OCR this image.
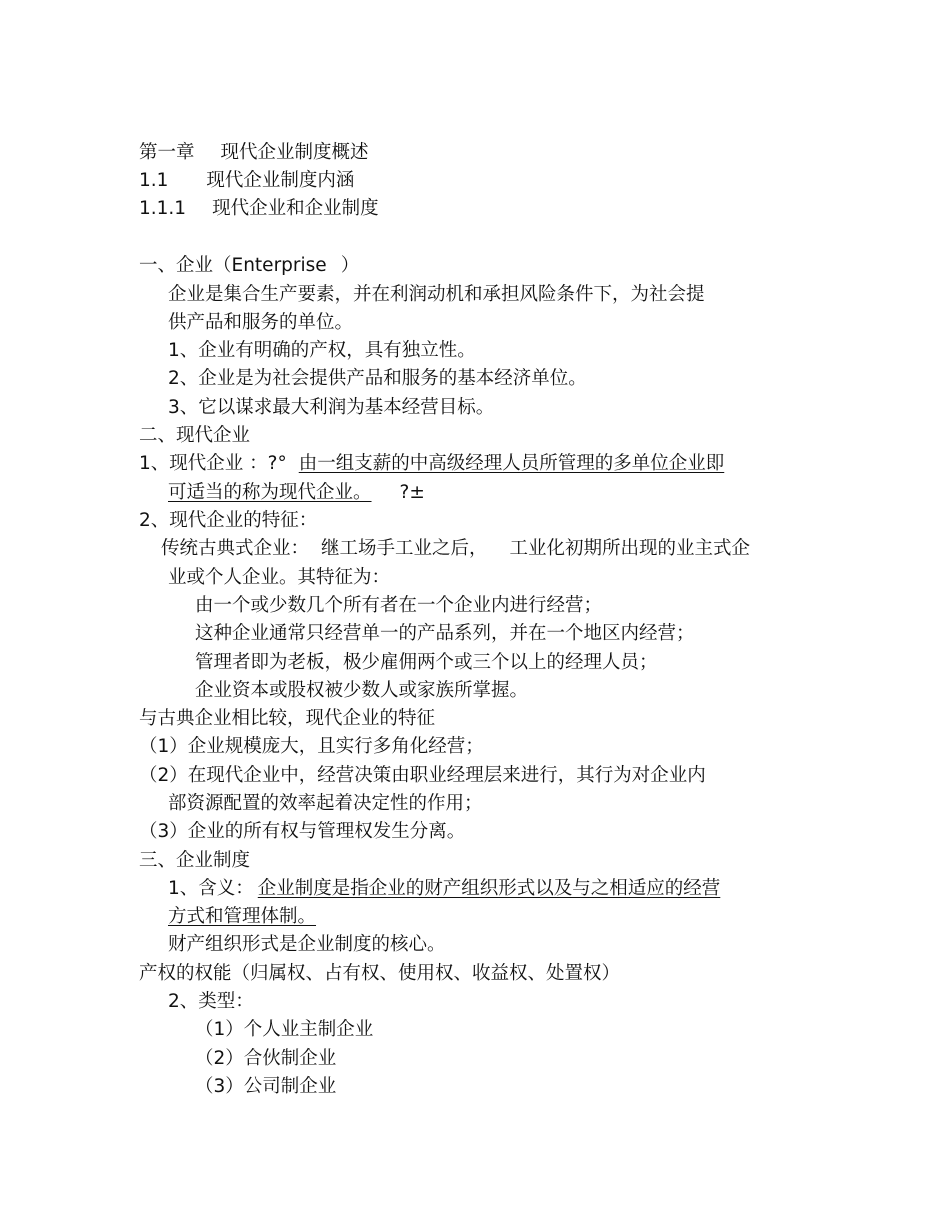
第一章 现代企业制度概述
1.1 现代企业制度内涵
1.1.1 现代企业和企业制度
一、企业（Enterprise ）
企业是集合生产要素，并在利润动机和承担风险条件下，为社会提
供产品和服务的单位。
1、企业有明确的产权，具有独立性。
2、企业是为社会提供产品和服务的基本经济单位。
3、它以谋求最大利润为基本经营目标。
二、现代企业
1、现代企业 ：?° 由一组支薪的中高级经理人员所管理的多单位企业即
可适当的称为现代企业。 ?±
2、现代企业的特征：
传统古典式企业： 继工场手工业之后， 工业化初期所出现的业主式企
业或个人企业。其特征为：
由一个或少数几个所有者在一个企业内进行经营；
这种企业通常只经营单一的产品系列，并在一个地区内经营；
管理者即为老板，极少雇佣两个或三个以上的经理人员；
企业资本或股权被少数人或家族所掌握。
与古典企业相比较，现代企业的特征
（1）企业规模庞大，且实行多角化经营；
（2）在现代企业中，经营决策由职业经理层来进行，其行为对企业内
部资源配置的效率起着决定性的作用；
（3）企业的所有权与管理权发生分离。
三、企业制度
1、含义： 企业制度是指企业的财产组织形式以及与之相适应的经营
方式和管理体制。
财产组织形式是企业制度的核心。
产权的权能（归属权、占有权、使用权、收益权、处置权）
2、类型：
（1）个人业主制企业
（2）合伙制企业
（3）公司制企业
